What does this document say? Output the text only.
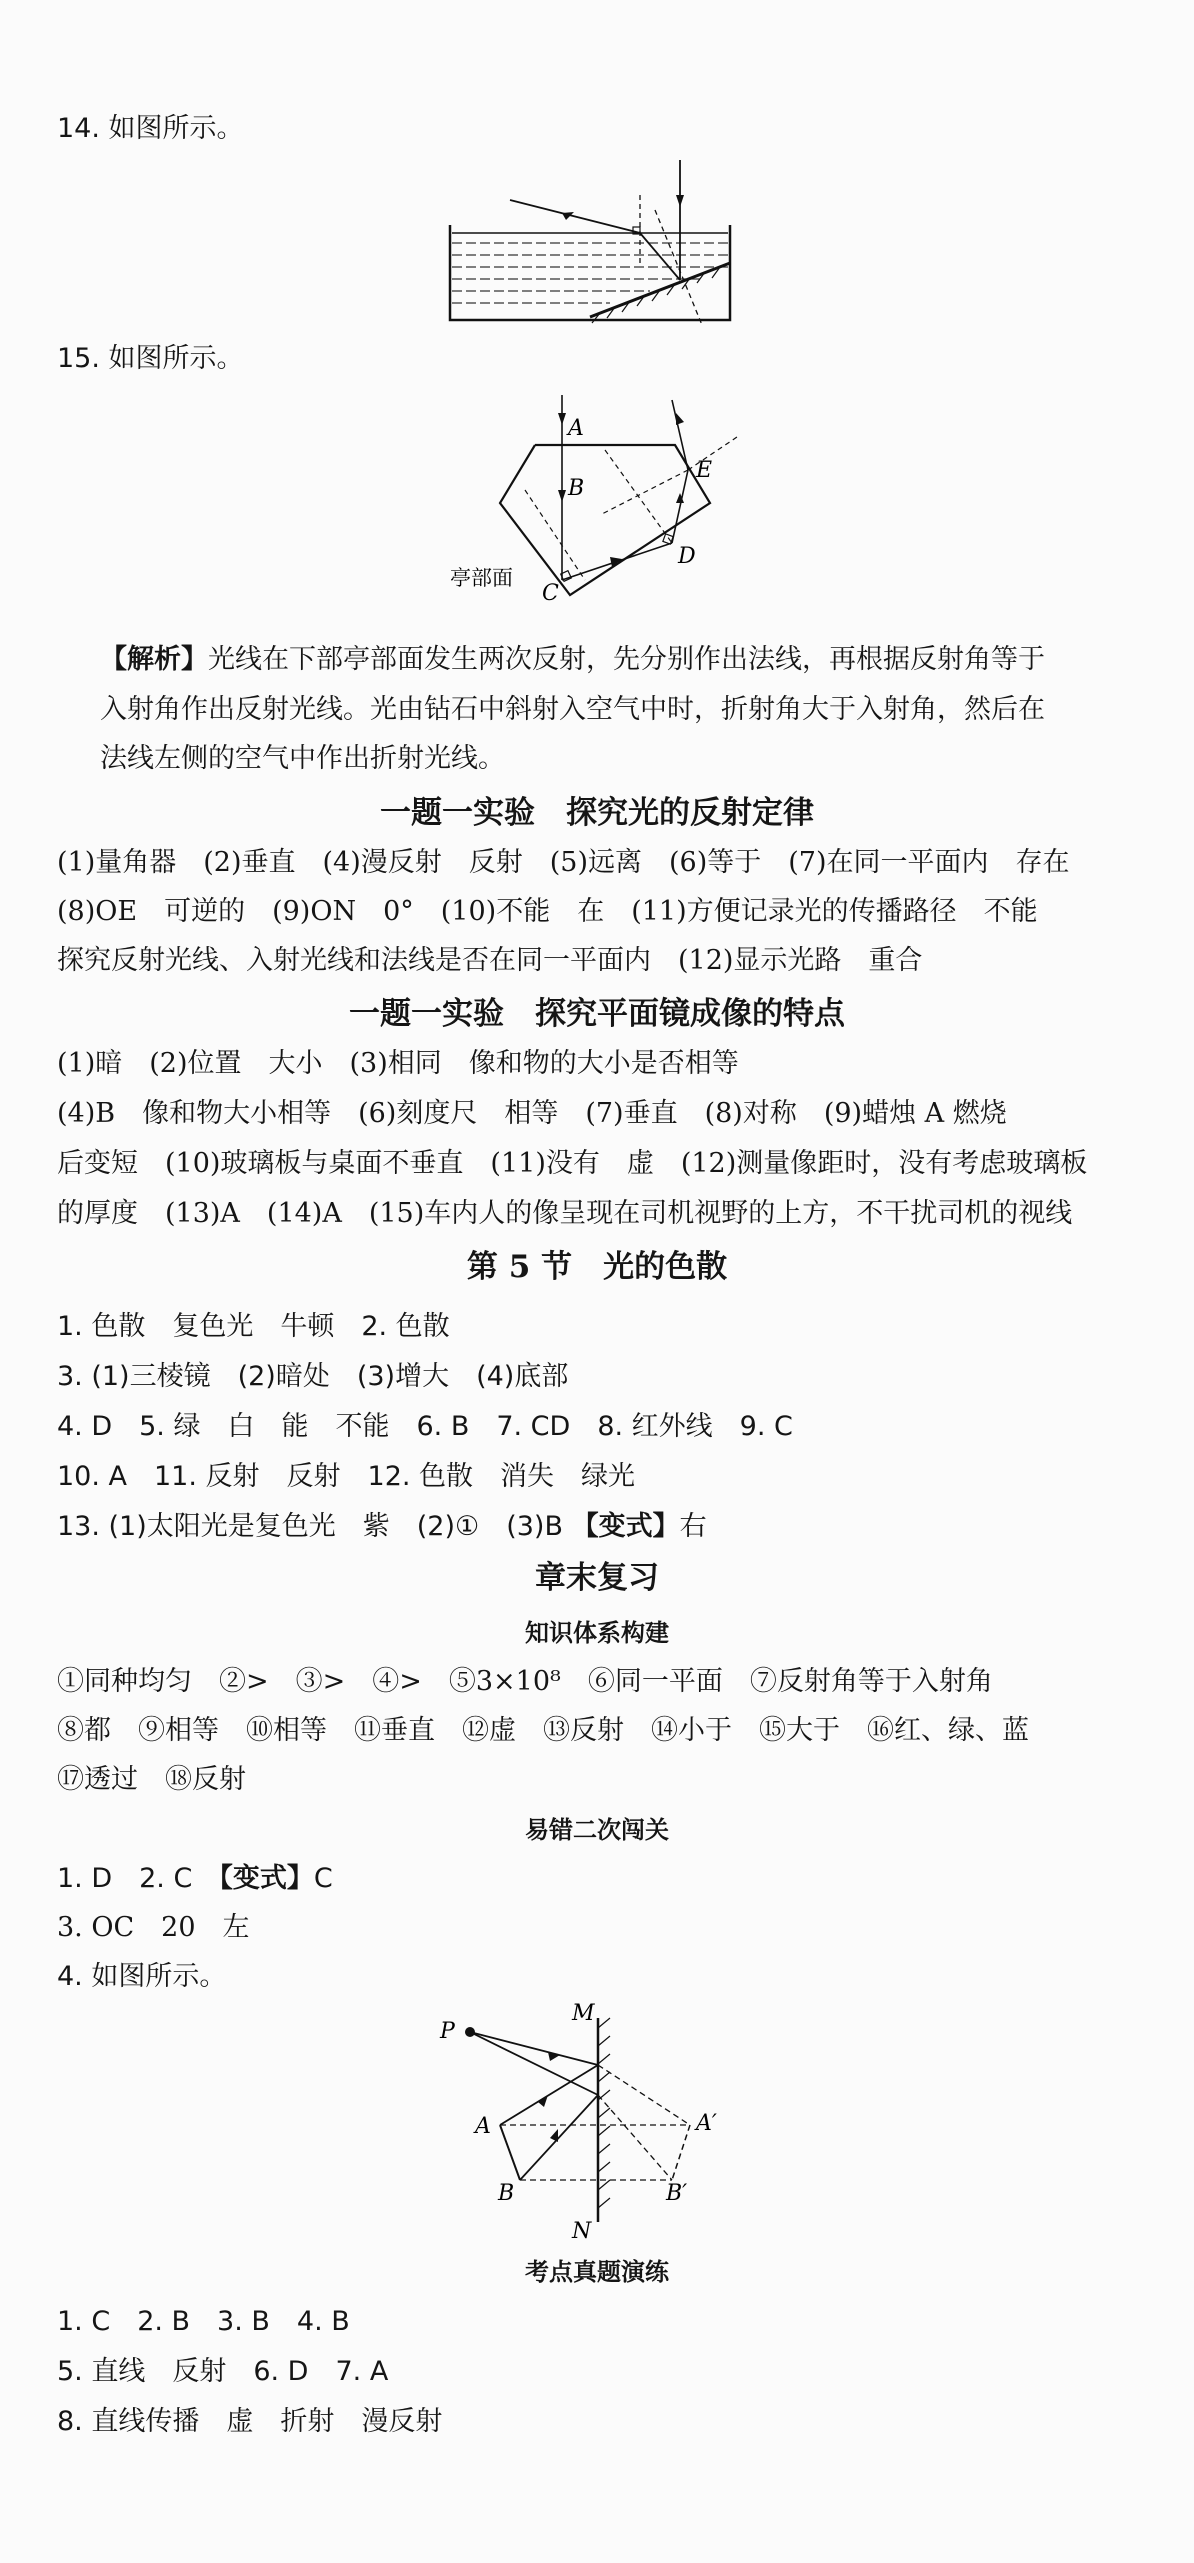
14. 如图所示。
15. 如图所示。
A
B
C
D
E
亭部面
【解析】光线在下部亭部面发生两次反射，先分别作出法线，再根据反射角等于
入射角作出反射光线。光由钻石中斜射入空气中时，折射角大于入射角，然后在
法线左侧的空气中作出折射光线。
一题一实验　探究光的反射定律
(1)量角器　(2)垂直　(4)漫反射　反射　(5)远离　(6)等于　(7)在同一平面内　存在
(8)OE　可逆的　(9)ON　0°　(10)不能　在　(11)方便记录光的传播路径　不能
探究反射光线、入射光线和法线是否在同一平面内　(12)显示光路　重合
一题一实验　探究平面镜成像的特点
(1)暗　(2)位置　大小　(3)相同　像和物的大小是否相等
(4)B　像和物大小相等　(6)刻度尺　相等　(7)垂直　(8)对称　(9)蜡烛 A 燃烧
后变短　(10)玻璃板与桌面不垂直　(11)没有　虚　(12)测量像距时，没有考虑玻璃板
的厚度　(13)A　(14)A　(15)车内人的像呈现在司机视野的上方，不干扰司机的视线
第 5 节　光的色散
1. 色散　复色光　牛顿　2. 色散
3. (1)三棱镜　(2)暗处　(3)增大　(4)底部
4. D　5. 绿　白　能　不能　6. B　7. CD　8. 红外线　9. C
10. A　11. 反射　反射　12. 色散　消失　绿光
13. (1)太阳光是复色光　紫　(2)①　(3)B 【变式】右
章末复习
知识体系构建
①同种均匀　②>　③>　④>　⑤3×10⁸　⑥同一平面　⑦反射角等于入射角
⑧都　⑨相等　⑩相等　⑪垂直　⑫虚　⑬反射　⑭小于　⑮大于　⑯红、绿、蓝
⑰透过　⑱反射
易错二次闯关
1. D　2. C　【变式】C
3. OC　20　左
4. 如图所示。
P
M
N
A
B
A′
B′
考点真题演练
1. C　2. B　3. B　4. B
5. 直线　反射　6. D　7. A
8. 直线传播　虚　折射　漫反射
